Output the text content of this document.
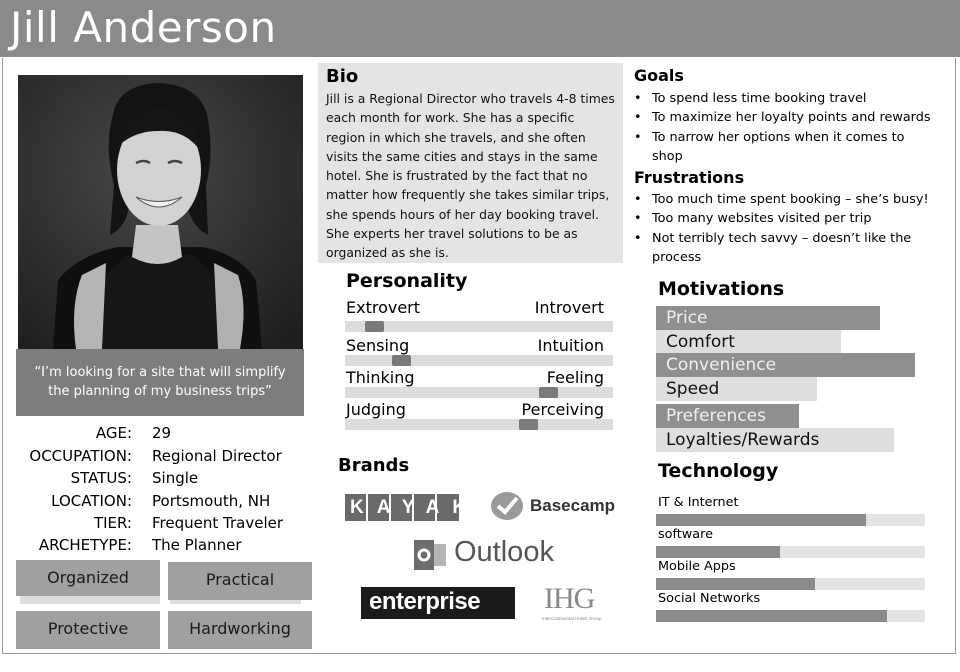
Jill Anderson
“I’m looking for a site that will simplify the planning of my business trips”
AGE: 29
OCCUPATION: Regional Director
STATUS: Single
LOCATION: Portsmouth, NH
TIER: Frequent Traveler
ARCHETYPE: The Planner
Organized	Practical
Protective	Hardworking
Bio

Jill is a Regional Director who travels 4-8 times each month for work. She has a specific region in which she travels, and she often visits the same cities and stays in the same hotel. She is frustrated by the fact that no matter how frequently she takes similar trips, she spends hours of her day booking travel. She experts her travel solutions to be as organized as she is.

Goals
• To spend less time booking travel
• To maximize her loyalty points and rewards
• To narrow her options when it comes to shop
Frustrations
• Too much time spent booking – she’s busy!
• Too many websites visited per trip
• Not terribly tech savvy – doesn’t like the process
Personality
Extrovert	Introvert
Sensing	Intuition
Thinking	Feeling
Judging	Perceiving
Brands
KAYAK	Basecamp
Outlook
enterprise IHG
InterContinental Hotels Group
Motivations
Price
Comfort
Convenience
Speed
Preferences
Loyalties/Rewards
Technology
IT & Internet
software
Mobile Apps
Social Networks
